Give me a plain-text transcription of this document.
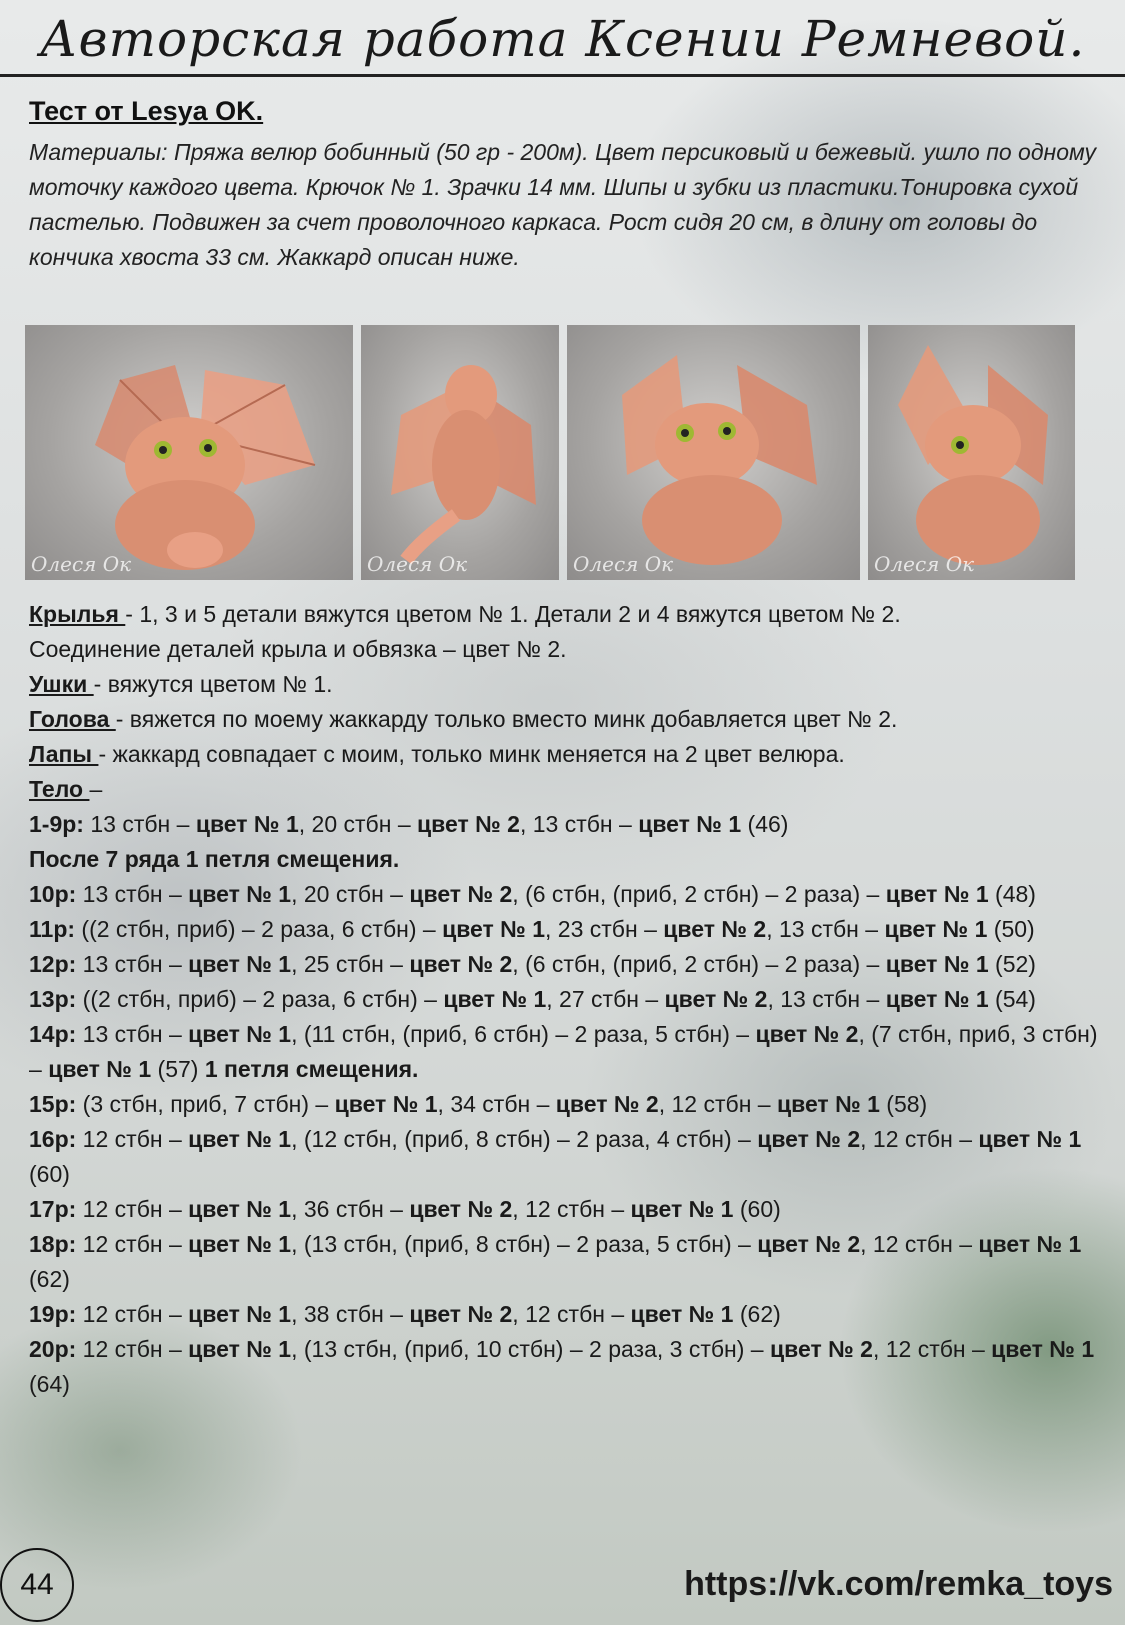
Авторская работа Ксении Ремневой.
Тест от Lesya OK.

Материалы: Пряжа велюр бобинный (50 гр - 200м). Цвет персиковый и бежевый. ушло по одному моточку каждого цвета. Крючок № 1. Зрачки 14 мм. Шипы и зубки из пластики.Тонировка сухой пастелью. Подвижен за счет проволочного каркаса. Рост сидя 20 см, в длину от головы до кончика хвоста 33 см. Жаккард описан ниже.

Олеся Ок	Олеся Ок	Олеся Ок	Олеся Ок

Крылья - 1, 3 и 5 детали вяжутся цветом № 1. Детали 2 и 4 вяжутся цветом № 2.

Соединение деталей крыла и обвязка – цвет № 2.

Ушки - вяжутся цветом № 1.

Голова - вяжется по моему жаккарду только вместо минк добавляется цвет № 2.

Лапы - жаккард совпадает с моим, только минк меняется на 2 цвет велюра.

Тело –

1-9р: 13 стбн – цвет № 1, 20 стбн – цвет № 2, 13 стбн – цвет № 1 (46)

После 7 ряда 1 петля смещения.

10р: 13 стбн – цвет № 1, 20 стбн – цвет № 2, (6 стбн, (приб, 2 стбн) – 2 раза) – цвет № 1 (48)

11р: ((2 стбн, приб) – 2 раза, 6 стбн) – цвет № 1, 23 стбн – цвет № 2, 13 стбн – цвет № 1 (50)

12р: 13 стбн – цвет № 1, 25 стбн – цвет № 2, (6 стбн, (приб, 2 стбн) – 2 раза) – цвет № 1 (52)

13р: ((2 стбн, приб) – 2 раза, 6 стбн) – цвет № 1, 27 стбн – цвет № 2, 13 стбн – цвет № 1 (54)

14р: 13 стбн – цвет № 1, (11 стбн, (приб, 6 стбн) – 2 раза, 5 стбн) – цвет № 2, (7 стбн, приб, 3 стбн) – цвет № 1 (57) 1 петля смещения.

15р: (3 стбн, приб, 7 стбн) – цвет № 1, 34 стбн – цвет № 2, 12 стбн – цвет № 1 (58)

16р: 12 стбн – цвет № 1, (12 стбн, (приб, 8 стбн) – 2 раза, 4 стбн) – цвет № 2, 12 стбн – цвет № 1 (60)

17р: 12 стбн – цвет № 1, 36 стбн – цвет № 2, 12 стбн – цвет № 1 (60)

18р: 12 стбн – цвет № 1, (13 стбн, (приб, 8 стбн) – 2 раза, 5 стбн) – цвет № 2, 12 стбн – цвет № 1 (62)

19р: 12 стбн – цвет № 1, 38 стбн – цвет № 2, 12 стбн – цвет № 1 (62)

20р: 12 стбн – цвет № 1, (13 стбн, (приб, 10 стбн) – 2 раза, 3 стбн) – цвет № 2, 12 стбн – цвет № 1 (64)

44	https://vk.com/remka_toys
